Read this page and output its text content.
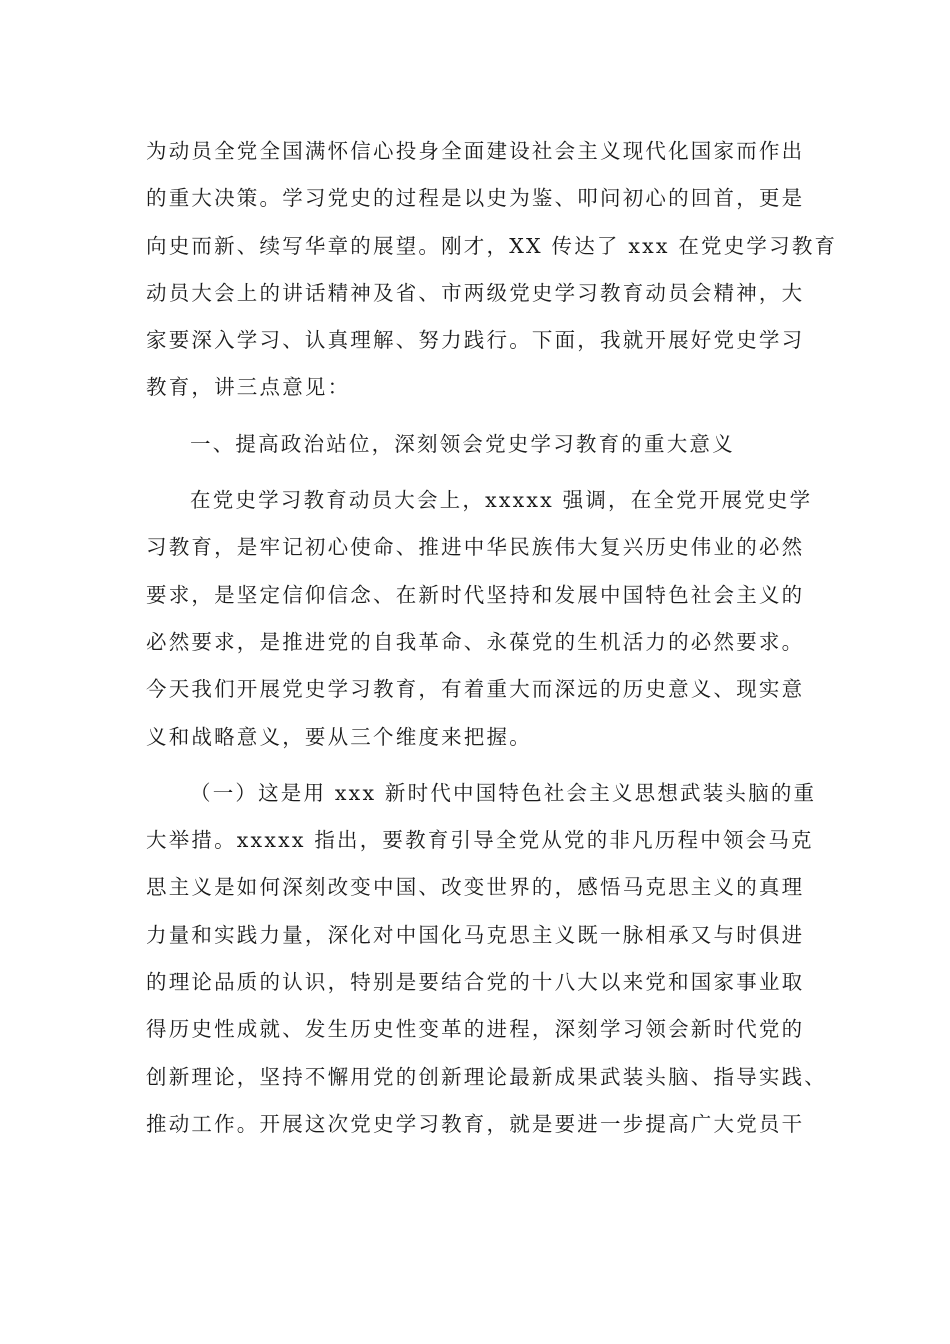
为动员全党全国满怀信心投身全面建设社会主义现代化国家而作出
的重大决策。学习党史的过程是以史为鉴、叩问初心的回首，更是
向史而新、续写华章的展望。刚才，XX 传达了 xxx 在党史学习教育
动员大会上的讲话精神及省、市两级党史学习教育动员会精神，大
家要深入学习、认真理解、努力践行。下面，我就开展好党史学习
教育，讲三点意见：
一、提高政治站位，深刻领会党史学习教育的重大意义
在党史学习教育动员大会上，xxxxx 强调，在全党开展党史学
习教育，是牢记初心使命、推进中华民族伟大复兴历史伟业的必然
要求，是坚定信仰信念、在新时代坚持和发展中国特色社会主义的
必然要求，是推进党的自我革命、永葆党的生机活力的必然要求。
今天我们开展党史学习教育，有着重大而深远的历史意义、现实意
义和战略意义，要从三个维度来把握。
（一）这是用 xxx 新时代中国特色社会主义思想武装头脑的重
大举措。xxxxx 指出，要教育引导全党从党的非凡历程中领会马克
思主义是如何深刻改变中国、改变世界的，感悟马克思主义的真理
力量和实践力量，深化对中国化马克思主义既一脉相承又与时俱进
的理论品质的认识，特别是要结合党的十八大以来党和国家事业取
得历史性成就、发生历史性变革的进程，深刻学习领会新时代党的
创新理论，坚持不懈用党的创新理论最新成果武装头脑、指导实践、
推动工作。开展这次党史学习教育，就是要进一步提高广大党员干
